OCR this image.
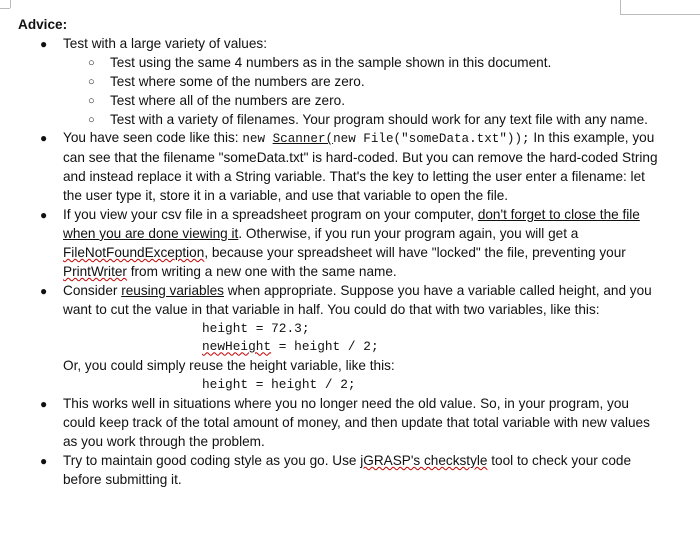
Advice:
● Test with a large variety of values:
○ Test using the same 4 numbers as in the sample shown in this document.
○ Test where some of the numbers are zero.
○ Test where all of the numbers are zero.
○ Test with a variety of filenames. Your program should work for any text file with any name.
● You have seen code like this: new Scanner(new File("someData.txt")); In this example, you can see that the filename "someData.txt" is hard-coded. But you can remove the hard-coded String and instead replace it with a String variable. That's the key to letting the user enter a filename: let the user type it, store it in a variable, and use that variable to open the file.
● If you view your csv file in a spreadsheet program on your computer, don't forget to close the file when you are done viewing it. Otherwise, if you run your program again, you will get a FileNotFoundException, because your spreadsheet will have "locked" the file, preventing your PrintWriter from writing a new one with the same name.
● Consider reusing variables when appropriate. Suppose you have a variable called height, and you want to cut the value in that variable in half. You could do that with two variables, like this:
height = 72.3;
newHeight = height / 2;
Or, you could simply reuse the height variable, like this:
height = height / 2;
● This works well in situations where you no longer need the old value. So, in your program, you could keep track of the total amount of money, and then update that total variable with new values as you work through the problem.
● Try to maintain good coding style as you go. Use jGRASP's checkstyle tool to check your code before submitting it.
